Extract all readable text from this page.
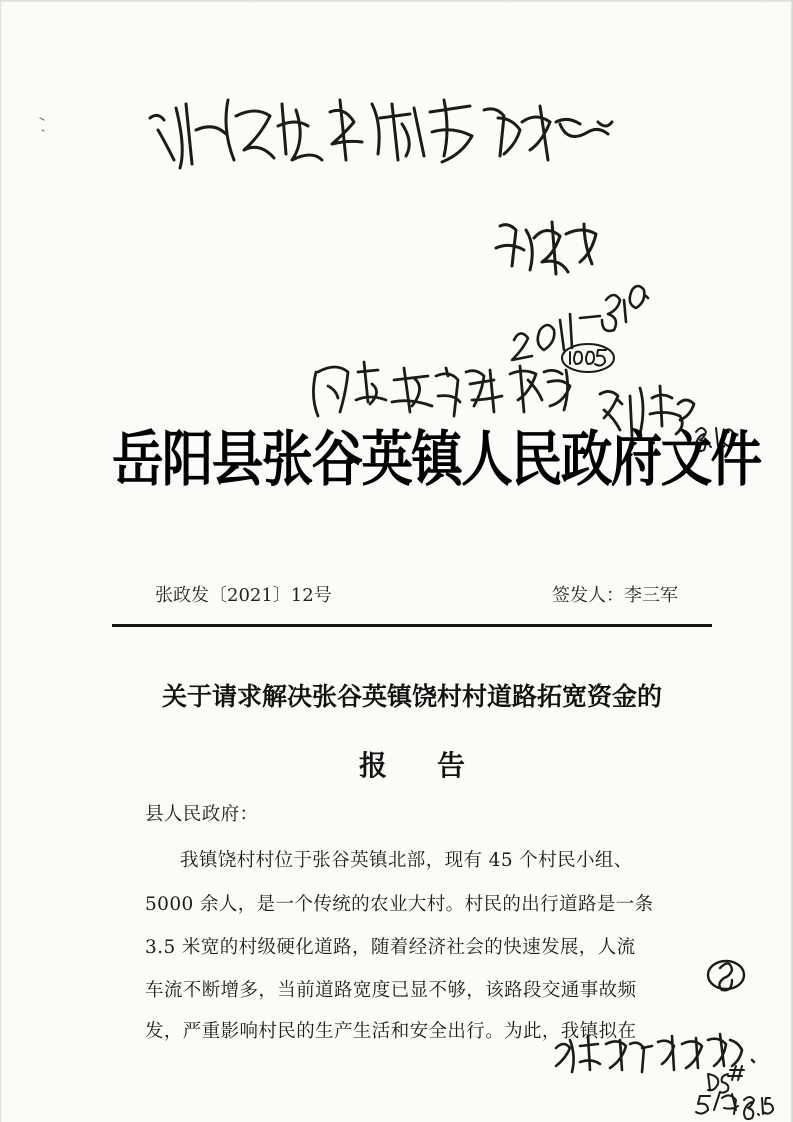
岳阳县张谷英镇人民政府文件
张政发〔2021〕12号	签发人：李三军
关于请求解决张谷英镇饶村村道路拓宽资金的
报告
县人民政府：
我镇饶村村位于张谷英镇北部，现有 45 个村民小组、
5000 余人，是一个传统的农业大村。村民的出行道路是一条
3.5 米宽的村级硬化道路，随着经济社会的快速发展，人流
车流不断增多，当前道路宽度已显不够，该路段交通事故频
发，严重影响村民的生产生活和安全出行。为此，我镇拟在
